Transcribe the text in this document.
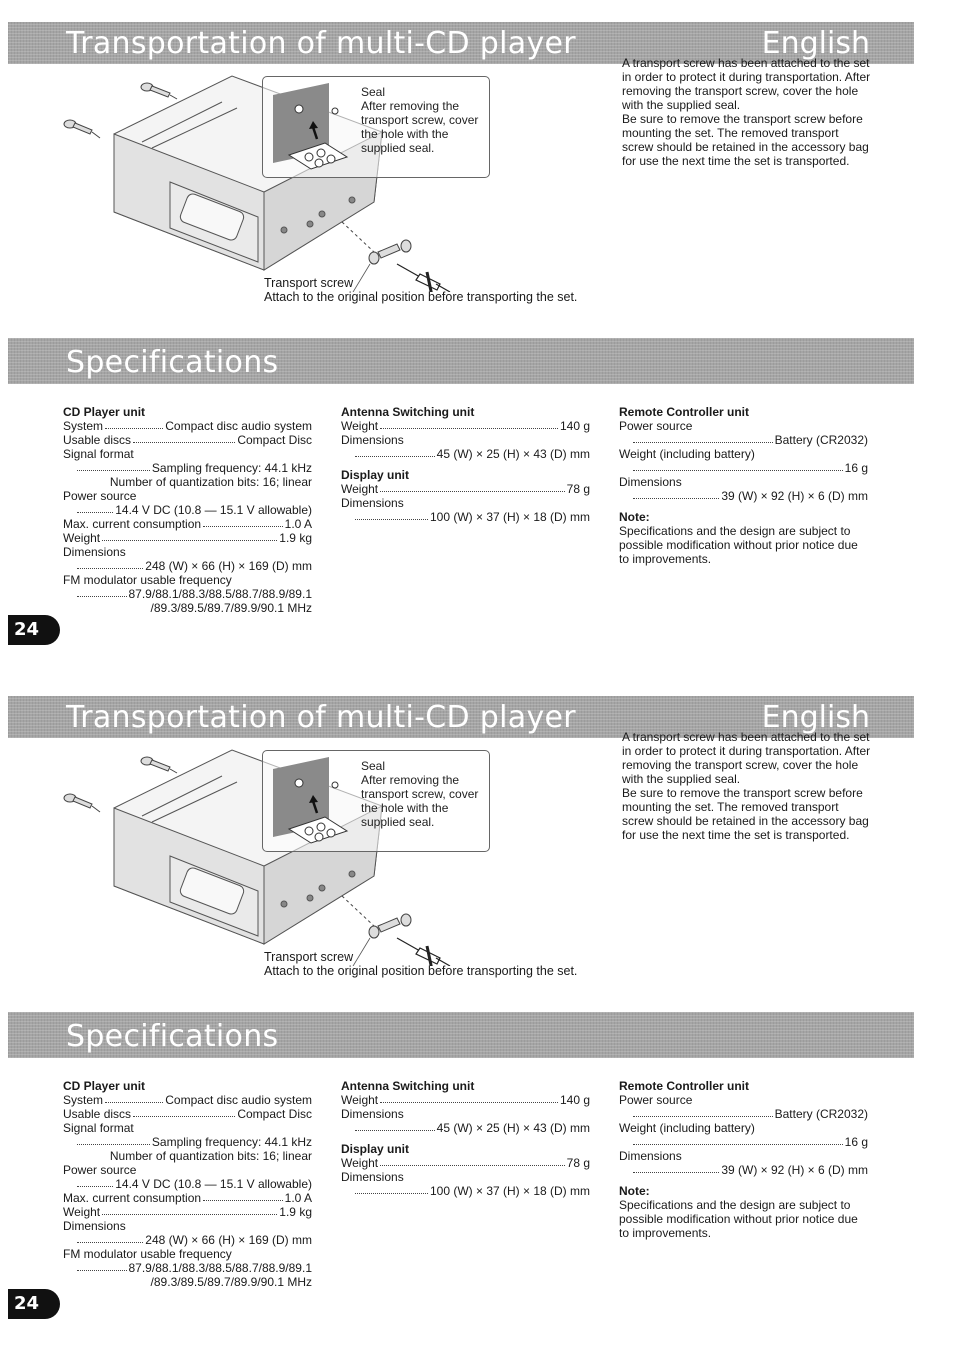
Transportation of multi-CD player	English
Seal
After removing the transport screw, cover the hole with the supplied seal.
Transport screw
Attach to the original position before transporting the set.
A transport screw has been attached to the set in order to protect it during transportation. After removing the transport screw, cover the hole with the supplied seal.
Be sure to remove the transport screw before mounting the set. The removed transport screw should be retained in the accessory bag for use the next time the set is transported.
Specifications
CD Player unit
System	Compact disc audio system
Usable discs	Compact Disc
Signal format
Sampling frequency: 44.1 kHz
Number of quantization bits: 16; linear
Power source
14.4 V DC (10.8 — 15.1 V allowable)
Max. current consumption	1.0 A
Weight	1.9 kg
Dimensions
248 (W) × 66 (H) × 169 (D) mm
FM modulator usable frequency
87.9/88.1/88.3/88.5/88.7/88.9/89.1
/89.3/89.5/89.7/89.9/90.1 MHz
Antenna Switching unit
Weight	140 g
Dimensions
45 (W) × 25 (H) × 43 (D) mm
Display unit
Weight	78 g
Dimensions
100 (W) × 37 (H) × 18 (D) mm
Remote Controller unit
Power source
Battery (CR2032)
Weight (including battery)
16 g
Dimensions
39 (W) × 92 (H) × 6 (D) mm
Note:
Specifications and the design are subject to possible modification without prior notice due to improvements.
24
Transportation of multi-CD player	English
Seal
After removing the transport screw, cover the hole with the supplied seal.
Transport screw
Attach to the original position before transporting the set.
A transport screw has been attached to the set in order to protect it during transportation. After removing the transport screw, cover the hole with the supplied seal.
Be sure to remove the transport screw before mounting the set. The removed transport screw should be retained in the accessory bag for use the next time the set is transported.
Specifications
CD Player unit
System	Compact disc audio system
Usable discs	Compact Disc
Signal format
Sampling frequency: 44.1 kHz
Number of quantization bits: 16; linear
Power source
14.4 V DC (10.8 — 15.1 V allowable)
Max. current consumption	1.0 A
Weight	1.9 kg
Dimensions
248 (W) × 66 (H) × 169 (D) mm
FM modulator usable frequency
87.9/88.1/88.3/88.5/88.7/88.9/89.1
/89.3/89.5/89.7/89.9/90.1 MHz
Antenna Switching unit
Weight	140 g
Dimensions
45 (W) × 25 (H) × 43 (D) mm
Display unit
Weight	78 g
Dimensions
100 (W) × 37 (H) × 18 (D) mm
Remote Controller unit
Power source
Battery (CR2032)
Weight (including battery)
16 g
Dimensions
39 (W) × 92 (H) × 6 (D) mm
Note:
Specifications and the design are subject to possible modification without prior notice due to improvements.
24
